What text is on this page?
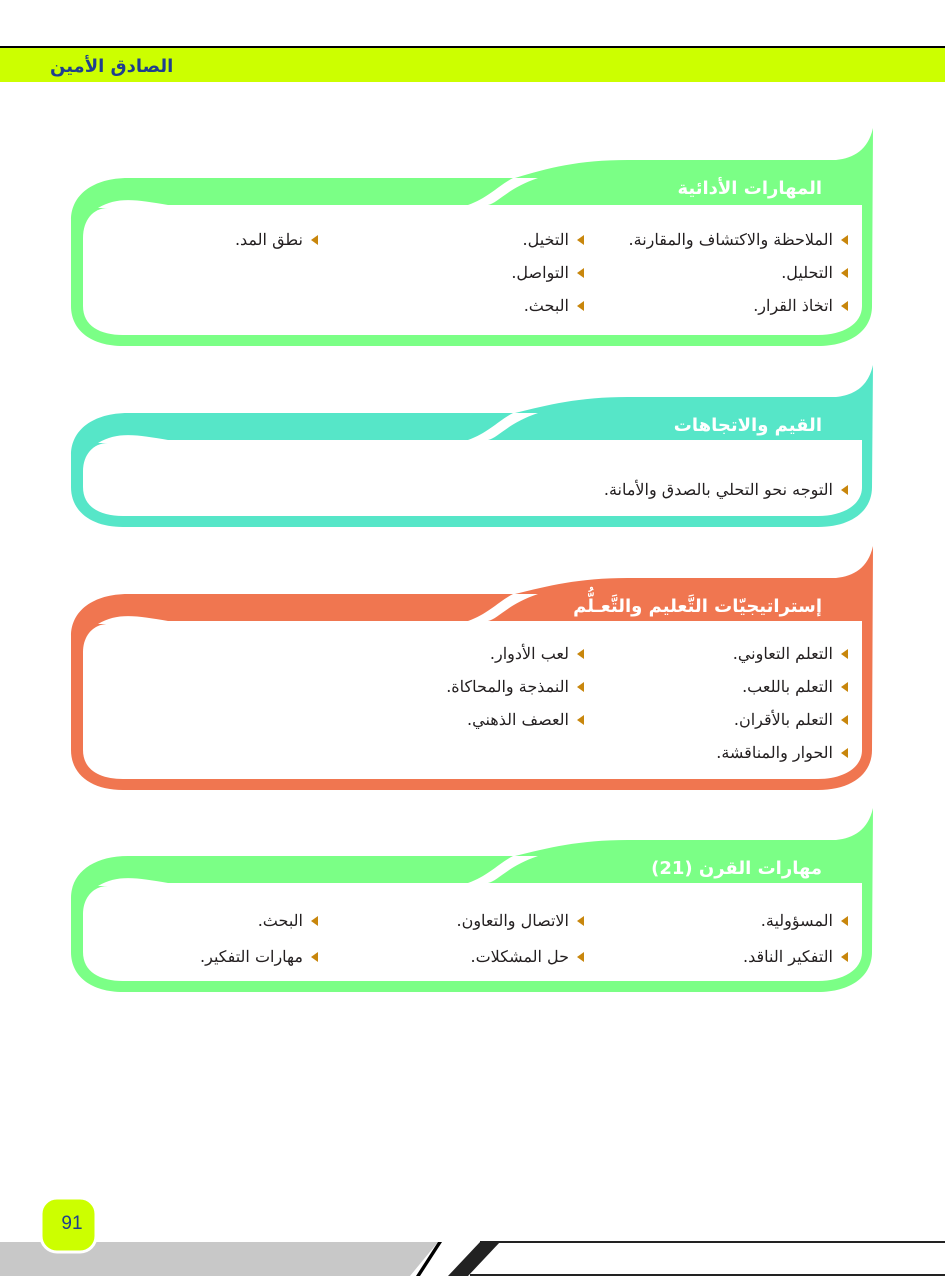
الصادق الأمين
المهارات الأدائية
الملاحظة والاكتشاف والمقارنة.
التخيل.
نطق المد.
التحليل.
التواصل.
اتخاذ القرار.
البحث.
القيم والاتجاهات
التوجه نحو التحلي بالصدق والأمانة.
إستراتيجيّات التَّعليم والتَّعـلُّم
التعلم التعاوني.
لعب الأدوار.
التعلم باللعب.
النمذجة والمحاكاة.
التعلم بالأقران.
العصف الذهني.
الحوار والمناقشة.
مهارات القرن (21)
المسؤولية.
الاتصال والتعاون.
البحث.
التفكير الناقد.
حل المشكلات.
مهارات التفكير.
91
